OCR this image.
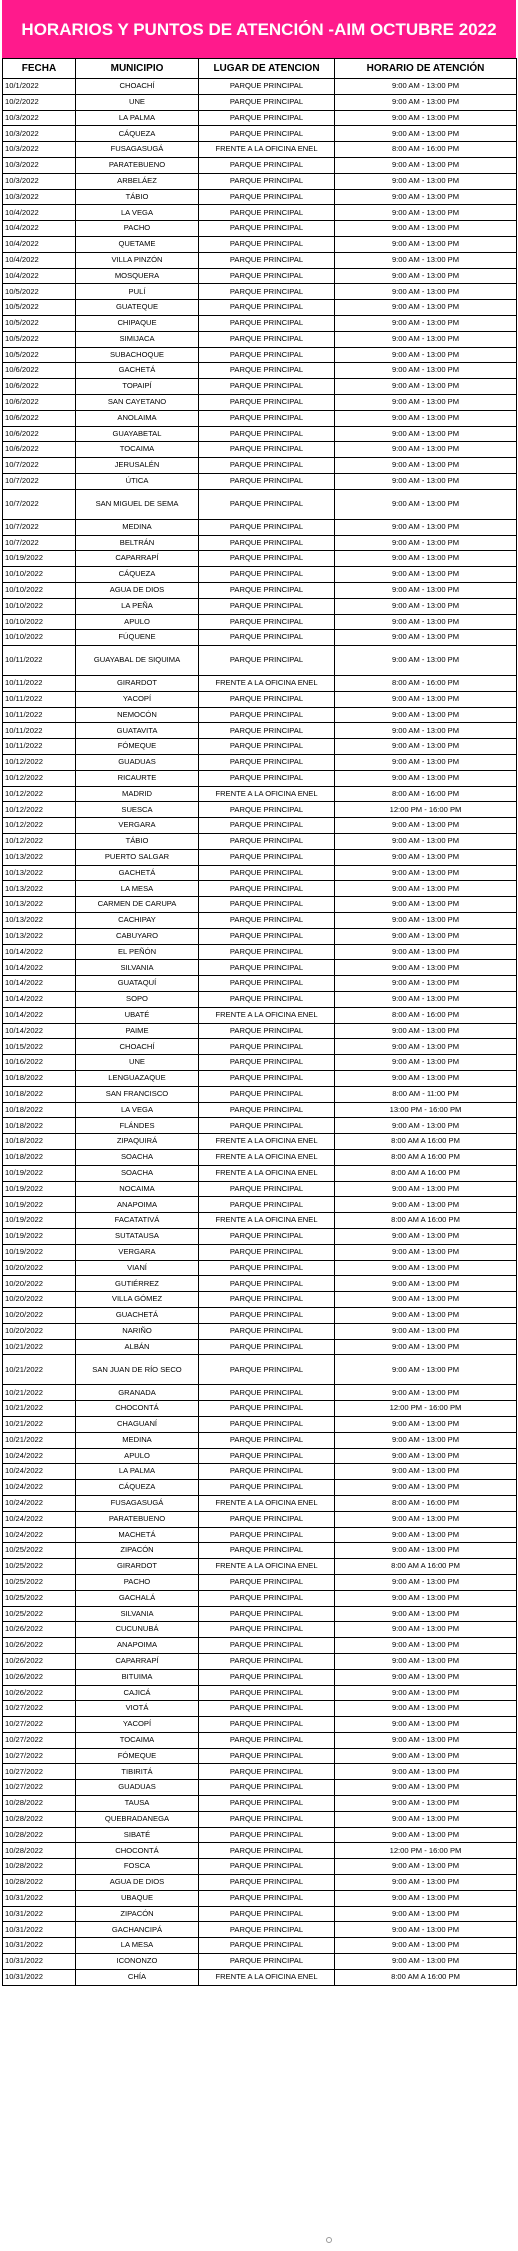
HORARIOS Y PUNTOS DE ATENCIÓN -AIM OCTUBRE 2022
FECHA	MUNICIPIO	LUGAR DE ATENCION	HORARIO DE ATENCIÓN
10/1/2022	CHOACHÍ	PARQUE PRINCIPAL	9:00 AM - 13:00 PM
10/2/2022	UNE	PARQUE PRINCIPAL	9:00 AM - 13:00 PM
10/3/2022	LA PALMA	PARQUE PRINCIPAL	9:00 AM - 13:00 PM
10/3/2022	CÁQUEZA	PARQUE PRINCIPAL	9:00 AM - 13:00 PM
10/3/2022	FUSAGASUGÁ	FRENTE A LA OFICINA ENEL	8:00 AM - 16:00 PM
10/3/2022	PARATEBUENO	PARQUE PRINCIPAL	9:00 AM - 13:00 PM
10/3/2022	ARBELÁEZ	PARQUE PRINCIPAL	9:00 AM - 13:00 PM
10/3/2022	TÁBIO	PARQUE PRINCIPAL	9:00 AM - 13:00 PM
10/4/2022	LA VEGA	PARQUE PRINCIPAL	9:00 AM - 13:00 PM
10/4/2022	PACHO	PARQUE PRINCIPAL	9:00 AM - 13:00 PM
10/4/2022	QUETAME	PARQUE PRINCIPAL	9:00 AM - 13:00 PM
10/4/2022	VILLA PINZÓN	PARQUE PRINCIPAL	9:00 AM - 13:00 PM
10/4/2022	MOSQUERA	PARQUE PRINCIPAL	9:00 AM - 13:00 PM
10/5/2022	PULÍ	PARQUE PRINCIPAL	9:00 AM - 13:00 PM
10/5/2022	GUATEQUE	PARQUE PRINCIPAL	9:00 AM - 13:00 PM
10/5/2022	CHIPAQUE	PARQUE PRINCIPAL	9:00 AM - 13:00 PM
10/5/2022	SIMIJACA	PARQUE PRINCIPAL	9:00 AM - 13:00 PM
10/5/2022	SUBACHOQUE	PARQUE PRINCIPAL	9:00 AM - 13:00 PM
10/6/2022	GACHETÁ	PARQUE PRINCIPAL	9:00 AM - 13:00 PM
10/6/2022	TOPAIPÍ	PARQUE PRINCIPAL	9:00 AM - 13:00 PM
10/6/2022	SAN CAYETANO	PARQUE PRINCIPAL	9:00 AM - 13:00 PM
10/6/2022	ANOLAIMA	PARQUE PRINCIPAL	9:00 AM - 13:00 PM
10/6/2022	GUAYABETAL	PARQUE PRINCIPAL	9:00 AM - 13:00 PM
10/6/2022	TOCAIMA	PARQUE PRINCIPAL	9:00 AM - 13:00 PM
10/7/2022	JERUSALÉN	PARQUE PRINCIPAL	9:00 AM - 13:00 PM
10/7/2022	ÚTICA	PARQUE PRINCIPAL	9:00 AM - 13:00 PM
10/7/2022	SAN MIGUEL DE SEMA	PARQUE PRINCIPAL	9:00 AM - 13:00 PM
10/7/2022	MEDINA	PARQUE PRINCIPAL	9:00 AM - 13:00 PM
10/7/2022	BELTRÁN	PARQUE PRINCIPAL	9:00 AM - 13:00 PM
10/19/2022	CAPARRAPÍ	PARQUE PRINCIPAL	9:00 AM - 13:00 PM
10/10/2022	CÁQUEZA	PARQUE PRINCIPAL	9:00 AM - 13:00 PM
10/10/2022	AGUA DE DIOS	PARQUE PRINCIPAL	9:00 AM - 13:00 PM
10/10/2022	LA PEÑA	PARQUE PRINCIPAL	9:00 AM - 13:00 PM
10/10/2022	APULO	PARQUE PRINCIPAL	9:00 AM - 13:00 PM
10/10/2022	FÚQUENE	PARQUE PRINCIPAL	9:00 AM - 13:00 PM
10/11/2022	GUAYABAL DE SIQUIMA	PARQUE PRINCIPAL	9:00 AM - 13:00 PM
10/11/2022	GIRARDOT	FRENTE A LA OFICINA ENEL	8:00 AM - 16:00 PM
10/11/2022	YACOPÍ	PARQUE PRINCIPAL	9:00 AM - 13:00 PM
10/11/2022	NEMOCÓN	PARQUE PRINCIPAL	9:00 AM - 13:00 PM
10/11/2022	GUATAVITA	PARQUE PRINCIPAL	9:00 AM - 13:00 PM
10/11/2022	FÓMEQUE	PARQUE PRINCIPAL	9:00 AM - 13:00 PM
10/12/2022	GUADUAS	PARQUE PRINCIPAL	9:00 AM - 13:00 PM
10/12/2022	RICAURTE	PARQUE PRINCIPAL	9:00 AM - 13:00 PM
10/12/2022	MADRID	FRENTE A LA OFICINA ENEL	8:00 AM - 16:00 PM
10/12/2022	SUESCA	PARQUE PRINCIPAL	12:00 PM - 16:00 PM
10/12/2022	VERGARA	PARQUE PRINCIPAL	9:00 AM - 13:00 PM
10/12/2022	TÁBIO	PARQUE PRINCIPAL	9:00 AM - 13:00 PM
10/13/2022	PUERTO SALGAR	PARQUE PRINCIPAL	9:00 AM - 13:00 PM
10/13/2022	GACHETÁ	PARQUE PRINCIPAL	9:00 AM - 13:00 PM
10/13/2022	LA MESA	PARQUE PRINCIPAL	9:00 AM - 13:00 PM
10/13/2022	CARMEN DE CARUPA	PARQUE PRINCIPAL	9:00 AM - 13:00 PM
10/13/2022	CACHIPAY	PARQUE PRINCIPAL	9:00 AM - 13:00 PM
10/13/2022	CABUYARO	PARQUE PRINCIPAL	9:00 AM - 13:00 PM
10/14/2022	EL PEÑÓN	PARQUE PRINCIPAL	9:00 AM - 13:00 PM
10/14/2022	SILVANIA	PARQUE PRINCIPAL	9:00 AM - 13:00 PM
10/14/2022	GUATAQUÍ	PARQUE PRINCIPAL	9:00 AM - 13:00 PM
10/14/2022	SOPO	PARQUE PRINCIPAL	9:00 AM - 13:00 PM
10/14/2022	UBATÉ	FRENTE A LA OFICINA ENEL	8:00 AM - 16:00 PM
10/14/2022	PAIME	PARQUE PRINCIPAL	9:00 AM - 13:00 PM
10/15/2022	CHOACHÍ	PARQUE PRINCIPAL	9:00 AM - 13:00 PM
10/16/2022	UNE	PARQUE PRINCIPAL	9:00 AM - 13:00 PM
10/18/2022	LENGUAZAQUE	PARQUE PRINCIPAL	9:00 AM - 13:00 PM
10/18/2022	SAN FRANCISCO	PARQUE PRINCIPAL	8:00 AM - 11:00 PM
10/18/2022	LA VEGA	PARQUE PRINCIPAL	13:00 PM - 16:00 PM
10/18/2022	FLÁNDES	PARQUE PRINCIPAL	9:00 AM - 13:00 PM
10/18/2022	ZIPAQUIRÁ	FRENTE A LA OFICINA ENEL	8:00 AM A 16:00 PM
10/18/2022	SOACHA	FRENTE A LA OFICINA ENEL	8:00 AM A 16:00 PM
10/19/2022	SOACHA	FRENTE A LA OFICINA ENEL	8:00 AM A 16:00 PM
10/19/2022	NOCAIMA	PARQUE PRINCIPAL	9:00 AM - 13:00 PM
10/19/2022	ANAPOIMA	PARQUE PRINCIPAL	9:00 AM - 13:00 PM
10/19/2022	FACATATIVÁ	FRENTE A LA OFICINA ENEL	8:00 AM A 16:00 PM
10/19/2022	SUTATAUSA	PARQUE PRINCIPAL	9:00 AM - 13:00 PM
10/19/2022	VERGARA	PARQUE PRINCIPAL	9:00 AM - 13:00 PM
10/20/2022	VIANÍ	PARQUE PRINCIPAL	9:00 AM - 13:00 PM
10/20/2022	GUTIÉRREZ	PARQUE PRINCIPAL	9:00 AM - 13:00 PM
10/20/2022	VILLA GÓMEZ	PARQUE PRINCIPAL	9:00 AM - 13:00 PM
10/20/2022	GUACHETÁ	PARQUE PRINCIPAL	9:00 AM - 13:00 PM
10/20/2022	NARIÑO	PARQUE PRINCIPAL	9:00 AM - 13:00 PM
10/21/2022	ALBÁN	PARQUE PRINCIPAL	9:00 AM - 13:00 PM
10/21/2022	SAN JUAN DE RÍO SECO	PARQUE PRINCIPAL	9:00 AM - 13:00 PM
10/21/2022	GRANADA	PARQUE PRINCIPAL	9:00 AM - 13:00 PM
10/21/2022	CHOCONTÁ	PARQUE PRINCIPAL	12:00 PM - 16:00 PM
10/21/2022	CHAGUANÍ	PARQUE PRINCIPAL	9:00 AM - 13:00 PM
10/21/2022	MEDINA	PARQUE PRINCIPAL	9:00 AM - 13:00 PM
10/24/2022	APULO	PARQUE PRINCIPAL	9:00 AM - 13:00 PM
10/24/2022	LA PALMA	PARQUE PRINCIPAL	9:00 AM - 13:00 PM
10/24/2022	CÁQUEZA	PARQUE PRINCIPAL	9:00 AM - 13:00 PM
10/24/2022	FUSAGASUGÁ	FRENTE A LA OFICINA ENEL	8:00 AM - 16:00 PM
10/24/2022	PARATEBUENO	PARQUE PRINCIPAL	9:00 AM - 13:00 PM
10/24/2022	MACHETÁ	PARQUE PRINCIPAL	9:00 AM - 13:00 PM
10/25/2022	ZIPACÓN	PARQUE PRINCIPAL	9:00 AM - 13:00 PM
10/25/2022	GIRARDOT	FRENTE A LA OFICINA ENEL	8:00 AM A 16:00 PM
10/25/2022	PACHO	PARQUE PRINCIPAL	9:00 AM - 13:00 PM
10/25/2022	GACHALÁ	PARQUE PRINCIPAL	9:00 AM - 13:00 PM
10/25/2022	SILVANIA	PARQUE PRINCIPAL	9:00 AM - 13:00 PM
10/26/2022	CUCUNUBÁ	PARQUE PRINCIPAL	9:00 AM - 13:00 PM
10/26/2022	ANAPOIMA	PARQUE PRINCIPAL	9:00 AM - 13:00 PM
10/26/2022	CAPARRAPÍ	PARQUE PRINCIPAL	9:00 AM - 13:00 PM
10/26/2022	BITUIMA	PARQUE PRINCIPAL	9:00 AM - 13:00 PM
10/26/2022	CAJICÁ	PARQUE PRINCIPAL	9:00 AM - 13:00 PM
10/27/2022	VIOTÁ	PARQUE PRINCIPAL	9:00 AM - 13:00 PM
10/27/2022	YACOPÍ	PARQUE PRINCIPAL	9:00 AM - 13:00 PM
10/27/2022	TOCAIMA	PARQUE PRINCIPAL	9:00 AM - 13:00 PM
10/27/2022	FÓMEQUE	PARQUE PRINCIPAL	9:00 AM - 13:00 PM
10/27/2022	TIBIRITÁ	PARQUE PRINCIPAL	9:00 AM - 13:00 PM
10/27/2022	GUADUAS	PARQUE PRINCIPAL	9:00 AM - 13:00 PM
10/28/2022	TAUSA	PARQUE PRINCIPAL	9:00 AM - 13:00 PM
10/28/2022	QUEBRADANEGA	PARQUE PRINCIPAL	9:00 AM - 13:00 PM
10/28/2022	SIBATÉ	PARQUE PRINCIPAL	9:00 AM - 13:00 PM
10/28/2022	CHOCONTÁ	PARQUE PRINCIPAL	12:00 PM - 16:00 PM
10/28/2022	FOSCA	PARQUE PRINCIPAL	9:00 AM - 13:00 PM
10/28/2022	AGUA DE DIOS	PARQUE PRINCIPAL	9:00 AM - 13:00 PM
10/31/2022	UBAQUE	PARQUE PRINCIPAL	9:00 AM - 13:00 PM
10/31/2022	ZIPACÓN	PARQUE PRINCIPAL	9:00 AM - 13:00 PM
10/31/2022	GACHANCIPÁ	PARQUE PRINCIPAL	9:00 AM - 13:00 PM
10/31/2022	LA MESA	PARQUE PRINCIPAL	9:00 AM - 13:00 PM
10/31/2022	ICONONZO	PARQUE PRINCIPAL	9:00 AM - 13:00 PM
10/31/2022	CHÍA	FRENTE A LA OFICINA ENEL	8:00 AM A 16:00 PM
